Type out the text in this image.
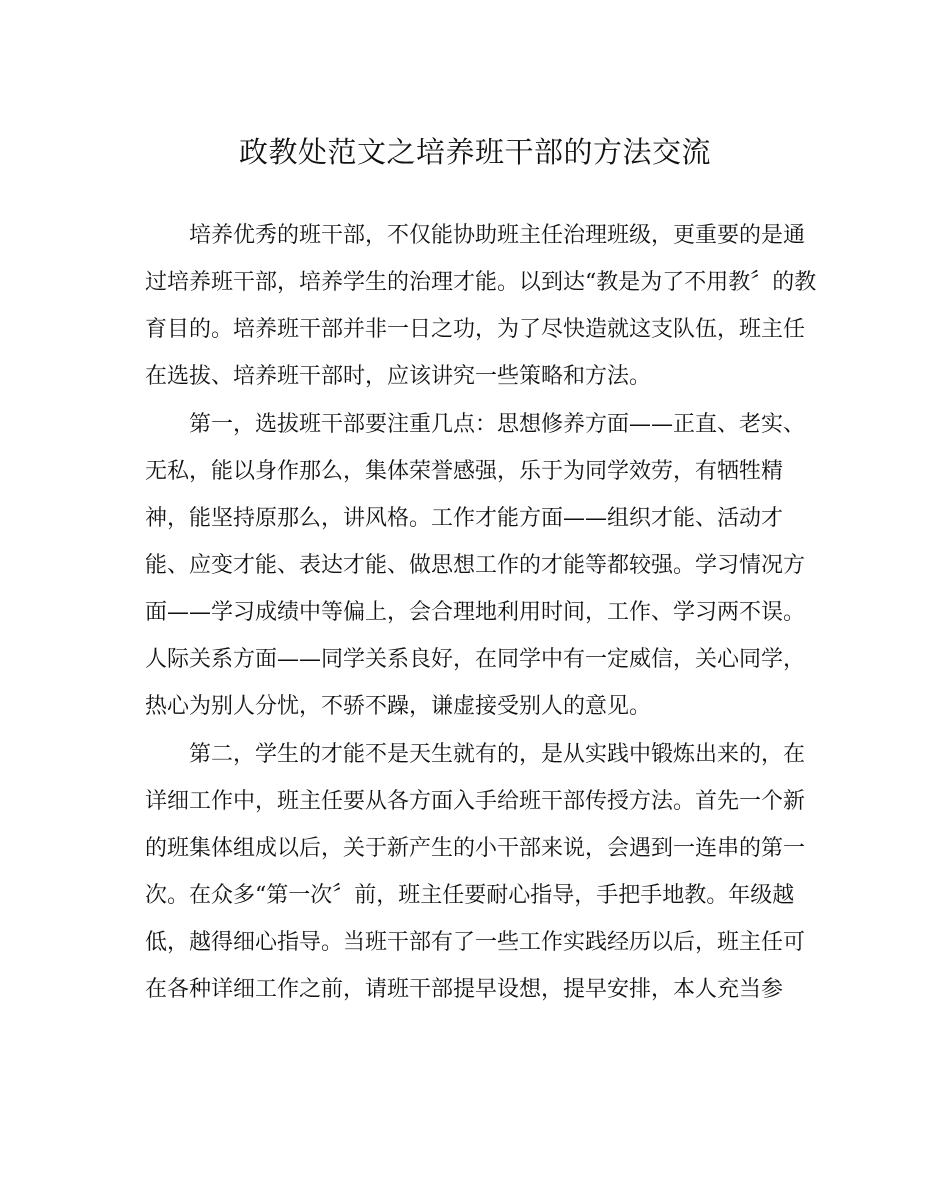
政教处范文之培养班干部的方法交流

培养优秀的班干部，不仅能协助班主任治理班级，更重要的是通

过培养班干部，培养学生的治理才能。以到达“教是为了不用教〞的教

育目的。培养班干部并非一日之功，为了尽快造就这支队伍，班主任

在选拔、培养班干部时，应该讲究一些策略和方法。

第一，选拔班干部要注重几点：思想修养方面——正直、老实、

无私，能以身作那么，集体荣誉感强，乐于为同学效劳，有牺牲精

神，能坚持原那么，讲风格。工作才能方面——组织才能、活动才

能、应变才能、表达才能、做思想工作的才能等都较强。学习情况方

面——学习成绩中等偏上，会合理地利用时间，工作、学习两不误。

人际关系方面——同学关系良好，在同学中有一定威信，关心同学，

热心为别人分忧，不骄不躁，谦虚接受别人的意见。

第二，学生的才能不是天生就有的，是从实践中锻炼出来的，在

详细工作中，班主任要从各方面入手给班干部传授方法。首先一个新

的班集体组成以后，关于新产生的小干部来说，会遇到一连串的第一

次。在众多“第一次〞前，班主任要耐心指导，手把手地教。年级越

低，越得细心指导。当班干部有了一些工作实践经历以后，班主任可

在各种详细工作之前，请班干部提早设想，提早安排，本人充当参
